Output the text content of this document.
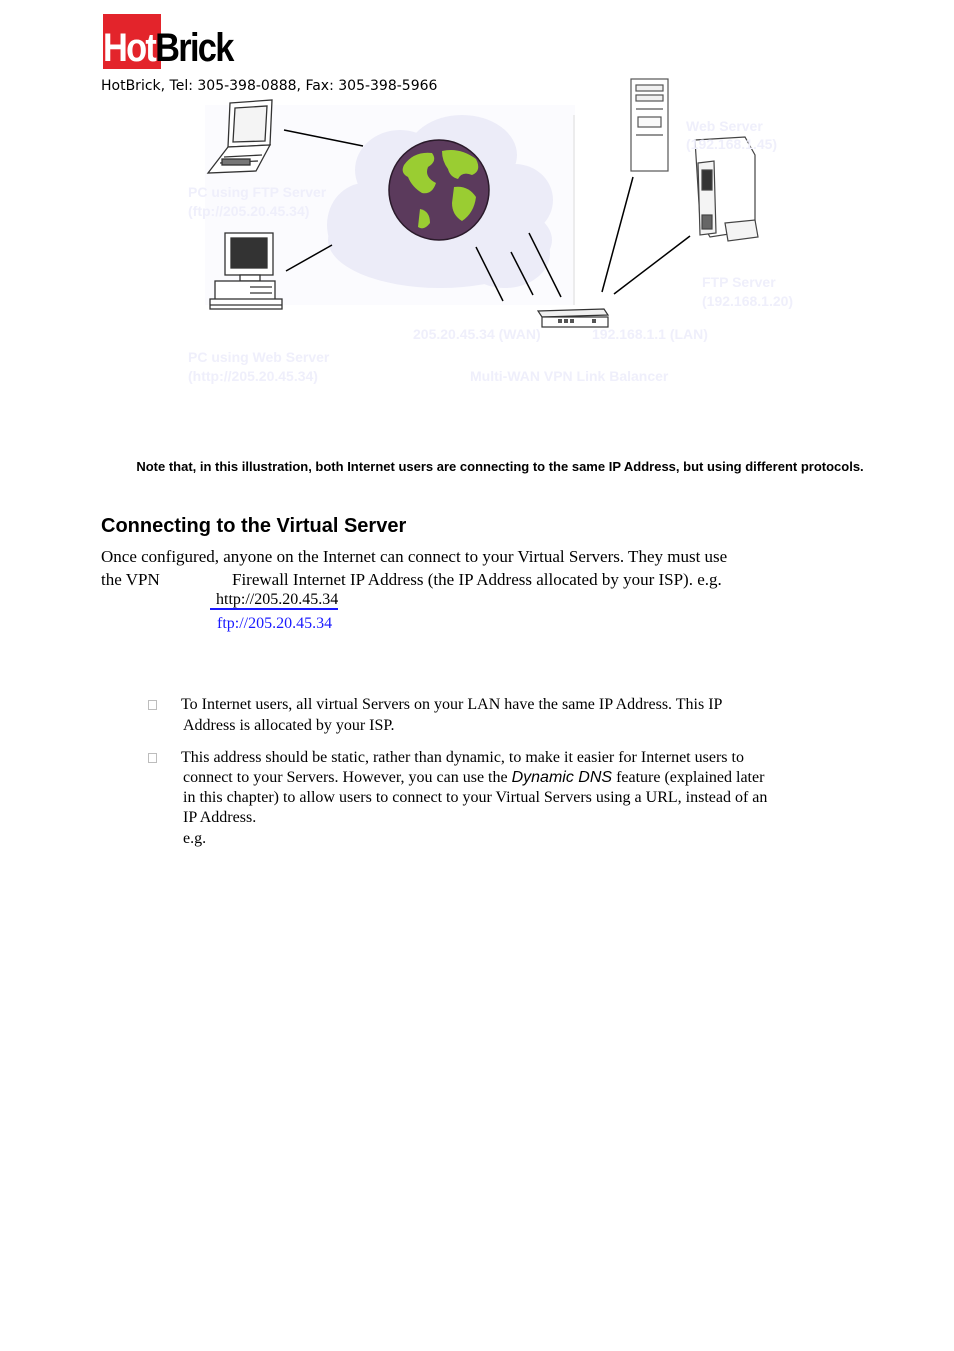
HotBrick
HotBrick, Tel: 305-398-0888, Fax: 305-398-5966
Web Server
(192.168.1.45)
PC using FTP Server
(ftp://205.20.45.34)
FTP Server
(192.168.1.20)
205.20.45.34 (WAN)	192.168.1.1 (LAN)
PC using Web Server
(http://205.20.45.34)	Multi-WAN VPN Link Balancer
Note that, in this illustration, both Internet users are connecting to the same IP Address, but using different protocols.
Connecting to the Virtual Server
Once configured, anyone on the Internet can connect to your Virtual Servers. They must use
the VPN	Firewall Internet IP Address (the IP Address allocated by your ISP). e.g.
http://205.20.45.34
ftp://205.20.45.34
To Internet users, all virtual Servers on your LAN have the same IP Address. This IP
Address is allocated by your ISP.
This address should be static, rather than dynamic, to make it easier for Internet users to
connect to your Servers. However, you can use the Dynamic DNS feature (explained later
in this chapter) to allow users to connect to your Virtual Servers using a URL, instead of an
IP Address.
e.g.
